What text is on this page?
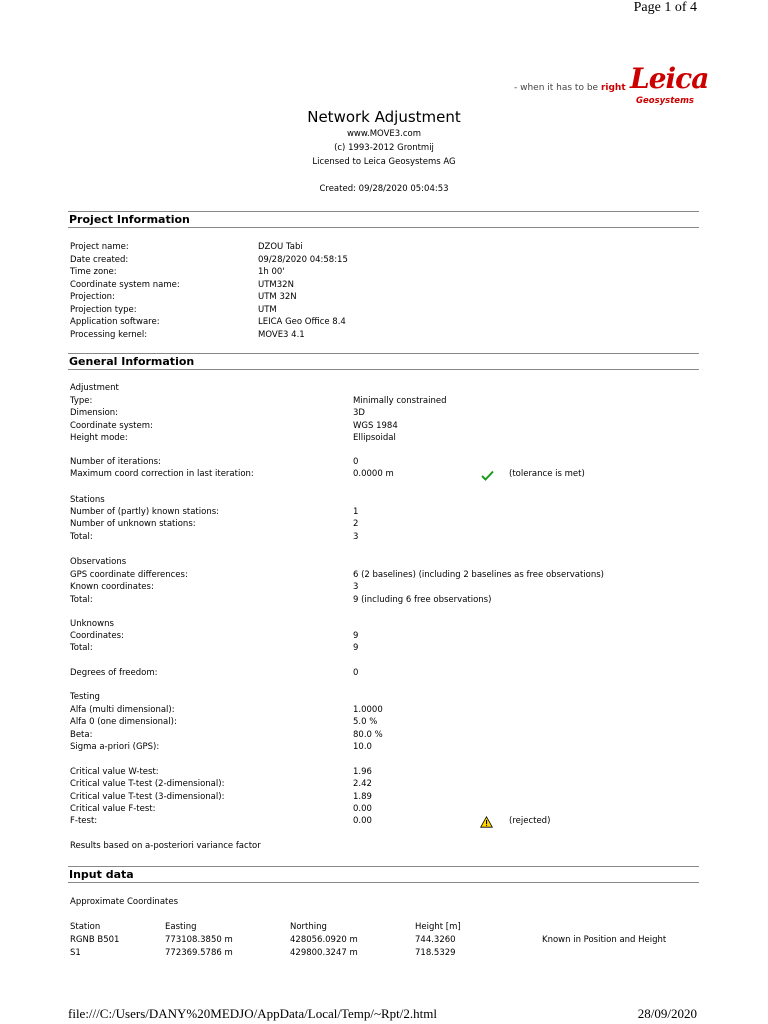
Page 1 of 4
- when it has to be right Leica
Geosystems
Network Adjustment
www.MOVE3.com
(c) 1993-2012 Grontmij
Licensed to Leica Geosystems AG
Created: 09/28/2020 05:04:53
Project Information
Project name:	DZOU Tabi
Date created:	09/28/2020 04:58:15
Time zone:	1h 00'
Coordinate system name:	UTM32N
Projection:	UTM 32N
Projection type:	UTM
Application software:	LEICA Geo Office 8.4
Processing kernel:	MOVE3 4.1
General Information
Adjustment
Type:	Minimally constrained
Dimension:	3D
Coordinate system:	WGS 1984
Height mode:	Ellipsoidal
Number of iterations:	0
Maximum coord correction in last iteration:	0.0000 m	(tolerance is met)
Stations
Number of (partly) known stations:	1
Number of unknown stations:	2
Total:	3
Observations
GPS coordinate differences:	6 (2 baselines) (including 2 baselines as free observations)
Known coordinates:	3
Total:	9 (including 6 free observations)
Unknowns
Coordinates:	9
Total:	9
Degrees of freedom:	0
Testing
Alfa (multi dimensional):	1.0000
Alfa 0 (one dimensional):	5.0 %
Beta:	80.0 %
Sigma a-priori (GPS):	10.0
Critical value W-test:	1.96
Critical value T-test (2-dimensional):	2.42
Critical value T-test (3-dimensional):	1.89
Critical value F-test:	0.00
F-test:	0.00	(rejected)
Results based on a-posteriori variance factor
Input data
Approximate Coordinates
Station	Easting	Northing	Height [m]
RGNB B501	773108.3850 m	428056.0920 m	744.3260	Known in Position and Height
S1	772369.5786 m	429800.3247 m	718.5329
file:///C:/Users/DANY%20MEDJO/AppData/Local/Temp/~Rpt/2.html	28/09/2020
